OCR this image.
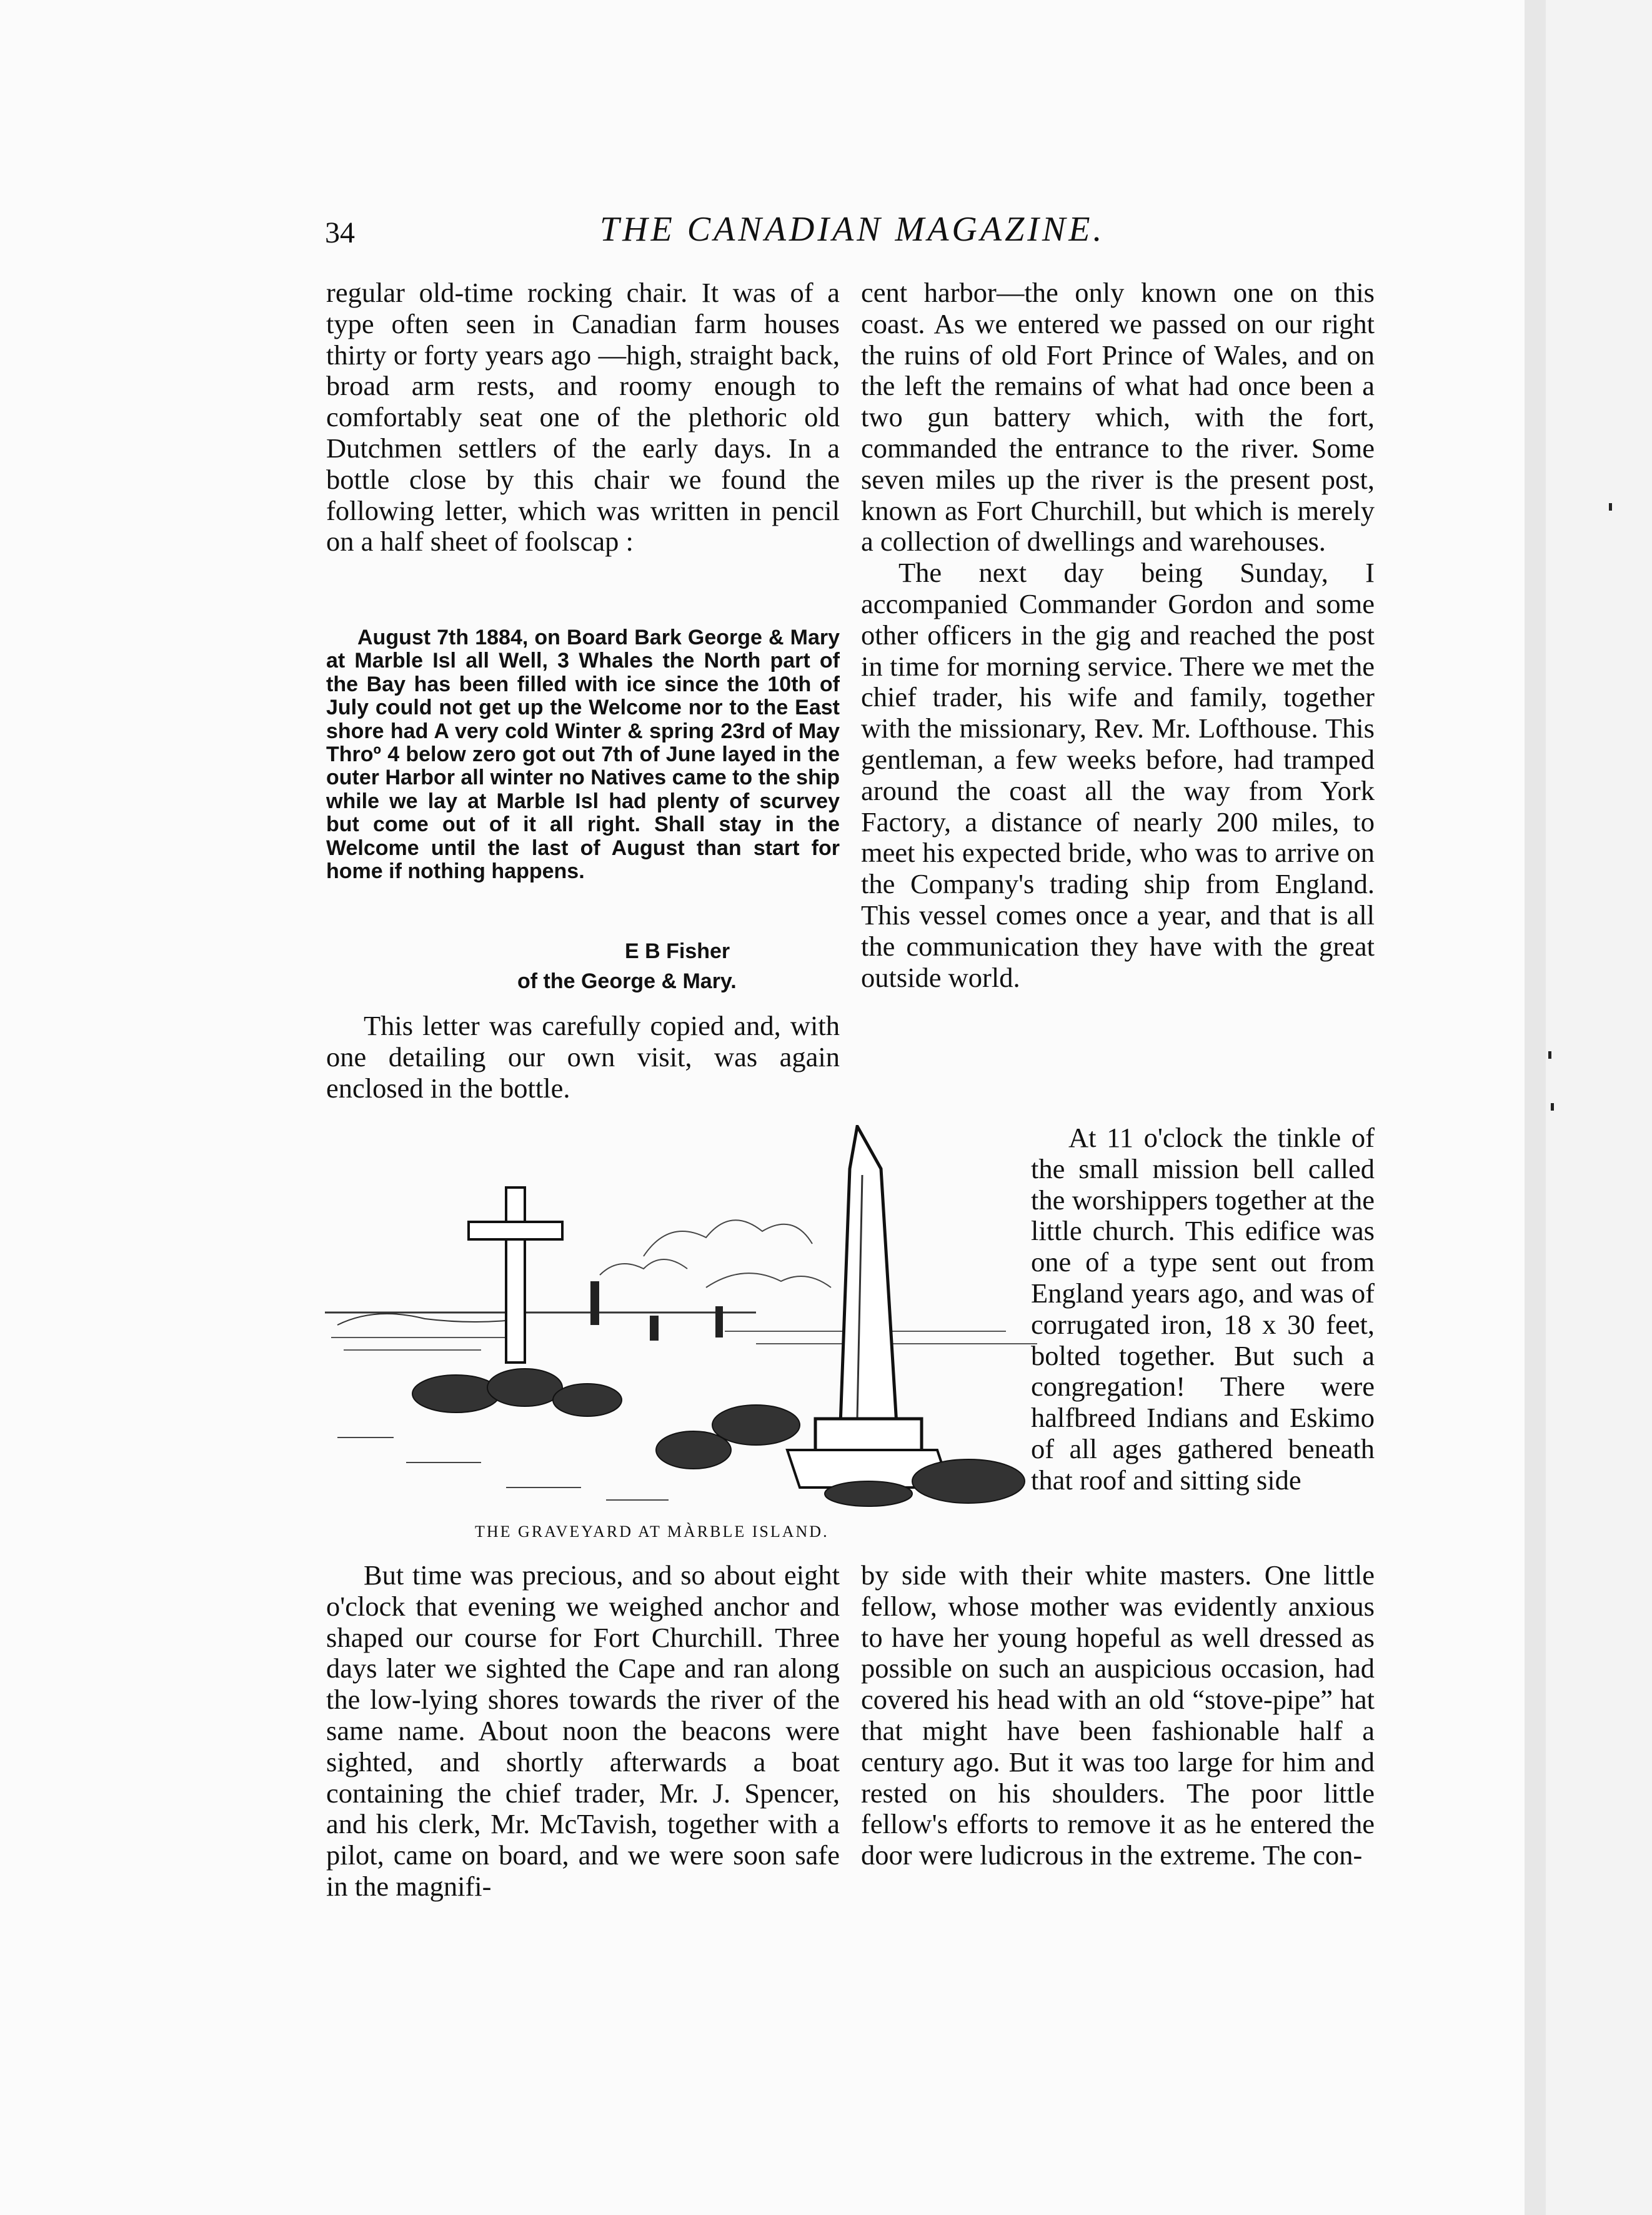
34	THE CANADIAN MAGAZINE.

regular old-time rocking chair. It was of a type often seen in Canadian farm houses thirty or forty years ago —high, straight back, broad arm rests, and roomy enough to comfortably seat one of the plethoric old Dutchmen settlers of the early days. In a bottle close by this chair we found the following letter, which was written in pencil on a half sheet of foolscap :

August 7th 1884, on Board Bark George & Mary at Marble Isl all Well, 3 Whales the North part of the Bay has been filled with ice since the 10th of July could not get up the Welcome nor to the East shore had A very cold Winter & spring 23rd of May Throº 4 below zero got out 7th of June layed in the outer Harbor all winter no Natives came to the ship while we lay at Marble Isl had plenty of scurvey but come out of it all right. Shall stay in the Welcome until the last of August than start for home if nothing happens.

E B Fisher
of the George & Mary.

This letter was carefully copied and, with one detailing our own visit, was again enclosed in the bottle.

THE GRAVEYARD AT MÀRBLE ISLAND.

But time was precious, and so about eight o'clock that evening we weighed anchor and shaped our course for Fort Churchill. Three days later we sighted the Cape and ran along the low-lying shores towards the river of the same name. About noon the beacons were sighted, and shortly afterwards a boat containing the chief trader, Mr. J. Spencer, and his clerk, Mr. McTavish, together with a pilot, came on board, and we were soon safe in the magnifi-

cent harbor—the only known one on this coast. As we entered we passed on our right the ruins of old Fort Prince of Wales, and on the left the remains of what had once been a two gun battery which, with the fort, commanded the entrance to the river. Some seven miles up the river is the present post, known as Fort Churchill, but which is merely a collection of dwellings and warehouses.

The next day being Sunday, I accompanied Commander Gordon and some other officers in the gig and reached the post in time for morning service. There we met the chief trader, his wife and family, together with the missionary, Rev. Mr. Lofthouse. This gentleman, a few weeks before, had tramped around the coast all the way from York Factory, a distance of nearly 200 miles, to meet his expected bride, who was to arrive on the Company's trading ship from England. This vessel comes once a year, and that is all the communication they have with the great outside world.

At 11 o'clock the tinkle of the small mission bell called the worshippers together at the little church. This edifice was one of a type sent out from England years ago, and was of corrugated iron, 18 x 30 feet, bolted together. But such a congregation! There were halfbreed Indians and Eskimo of all ages gathered beneath that roof and sitting side

by side with their white masters. One little fellow, whose mother was evidently anxious to have her young hopeful as well dressed as possible on such an auspicious occasion, had covered his head with an old “stove-pipe” hat that might have been fashionable half a century ago. But it was too large for him and rested on his shoulders. The poor little fellow's efforts to remove it as he entered the door were ludicrous in the extreme. The con-
